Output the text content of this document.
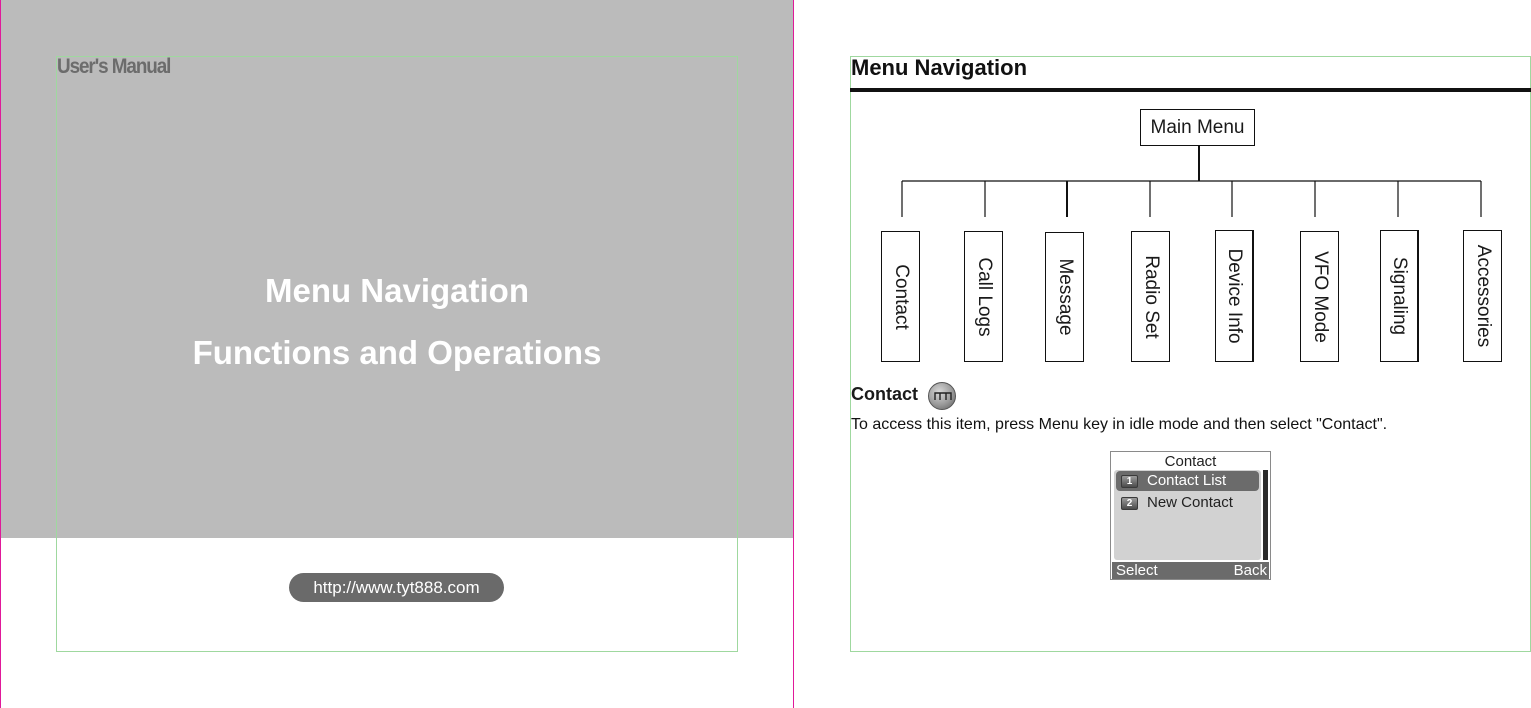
User's Manual
Menu Navigation
Functions and Operations
http://www.tyt888.com
Menu Navigation
Main Menu
Contact	Call Logs	Message	Radio Set	Device Info	VFO Mode	Signaling	Accessories
Contact
To access this item, press Menu key in idle mode and then select "Contact".
Contact
1 Contact List
2 New Contact
Select	Back
